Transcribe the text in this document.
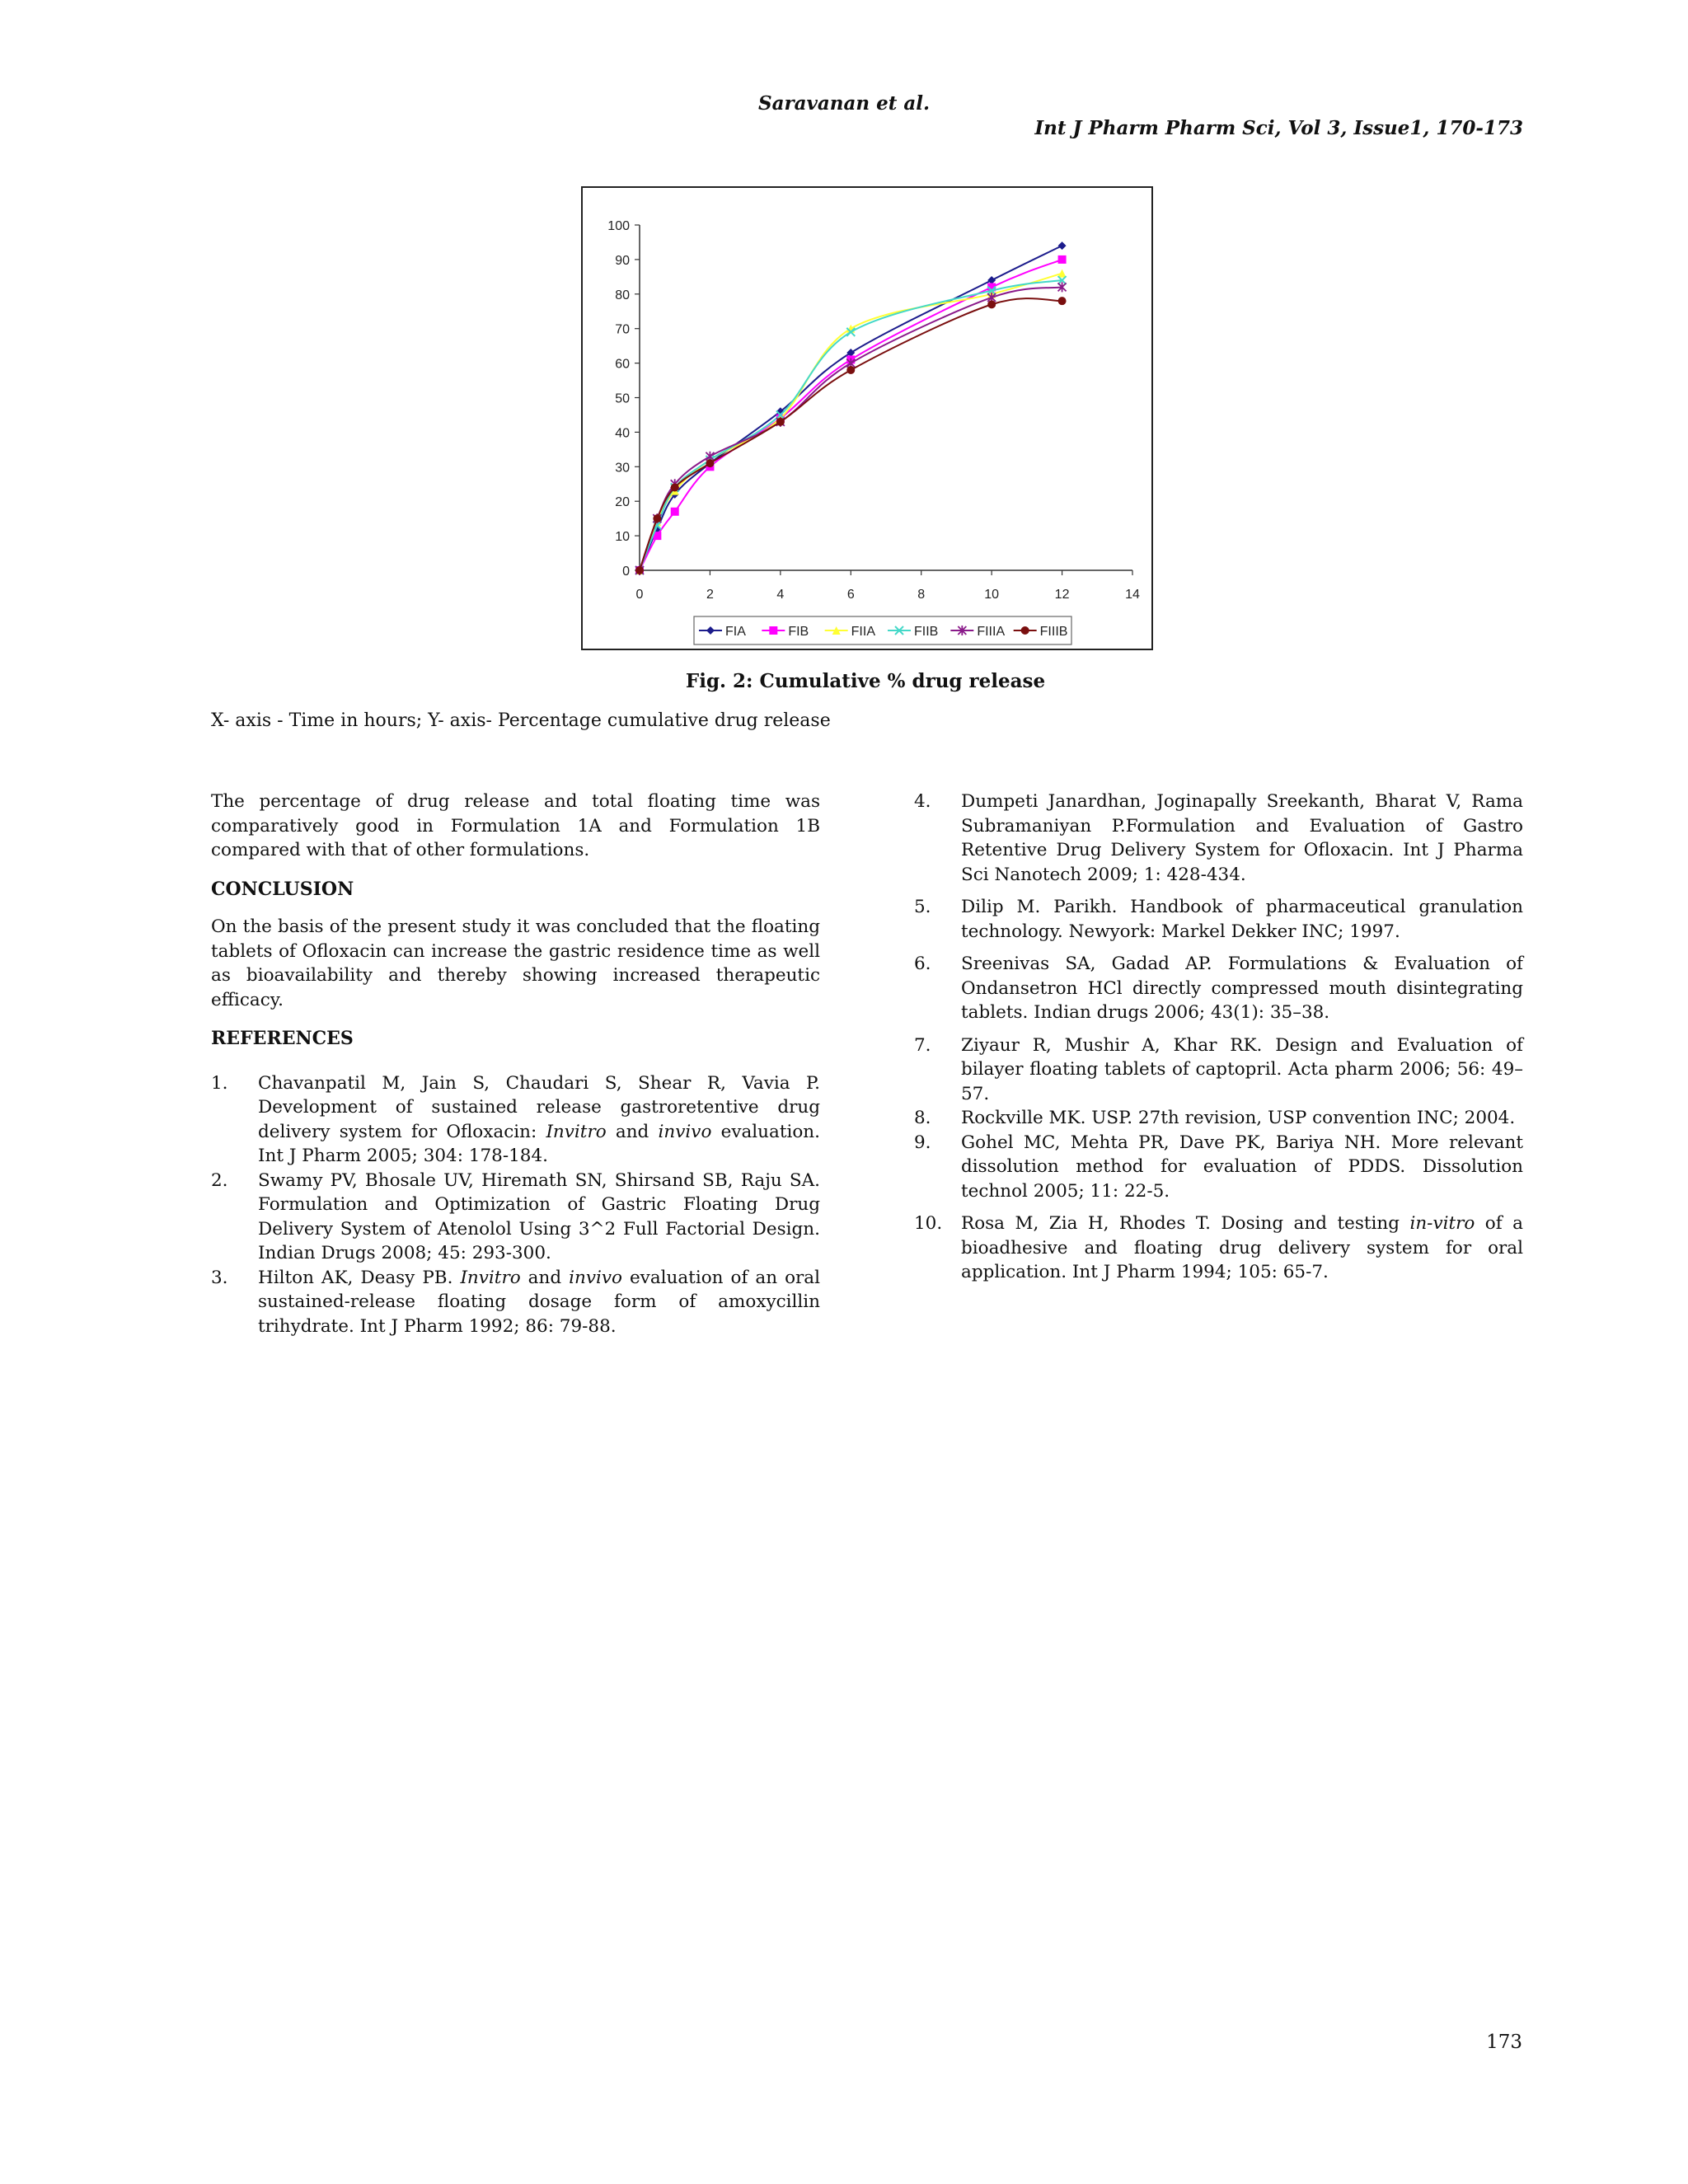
Saravanan et al.
Int J Pharm Pharm Sci, Vol 3, Issue1, 170-173
0
10
20
30
40
50
60
70
80
90
100
0	2	4	6	8	10	12	14
FIA	FIB	FIIA	FIIB	FIIIA	FIIIB
Fig. 2: Cumulative % drug release
X- axis - Time in hours; Y- axis- Percentage cumulative drug release

The percentage of drug release and total floating time was comparatively good in Formulation 1A and Formulation 1B compared with that of other formulations.

CONCLUSION

On the basis of the present study it was concluded that the floating tablets of Ofloxacin can increase the gastric residence time as well as bioavailability and thereby showing increased therapeutic efficacy.

REFERENCES
1. Chavanpatil M, Jain S, Chaudari S, Shear R, Vavia P. Development of sustained release gastroretentive drug delivery system for Ofloxacin: Invitro and invivo evaluation. Int J Pharm 2005; 304: 178-184.
2. Swamy PV, Bhosale UV, Hiremath SN, Shirsand SB, Raju SA. Formulation and Optimization of Gastric Floating Drug Delivery System of Atenolol Using 3^2 Full Factorial Design. Indian Drugs 2008; 45: 293-300.
3. Hilton AK, Deasy PB. Invitro and invivo evaluation of an oral sustained-release floating dosage form of amoxycillin trihydrate. Int J Pharm 1992; 86: 79-88.
4. Dumpeti Janardhan, Joginapally Sreekanth, Bharat V, Rama Subramaniyan P.Formulation and Evaluation of Gastro Retentive Drug Delivery System for Ofloxacin. Int J Pharma Sci Nanotech 2009; 1: 428-434.
5. Dilip M. Parikh. Handbook of pharmaceutical granulation technology. Newyork: Markel Dekker INC; 1997.
6. Sreenivas SA, Gadad AP. Formulations & Evaluation of Ondansetron HCl directly compressed mouth disintegrating tablets. Indian drugs 2006; 43(1): 35–38.
7. Ziyaur R, Mushir A, Khar RK. Design and Evaluation of bilayer floating tablets of captopril. Acta pharm 2006; 56: 49–57.
8. Rockville MK. USP. 27th revision, USP convention INC; 2004.
9. Gohel MC, Mehta PR, Dave PK, Bariya NH. More relevant dissolution method for evaluation of PDDS. Dissolution technol 2005; 11: 22-5.
10. Rosa M, Zia H, Rhodes T. Dosing and testing in-vitro of a bioadhesive and floating drug delivery system for oral application. Int J Pharm 1994; 105: 65-7.
173
